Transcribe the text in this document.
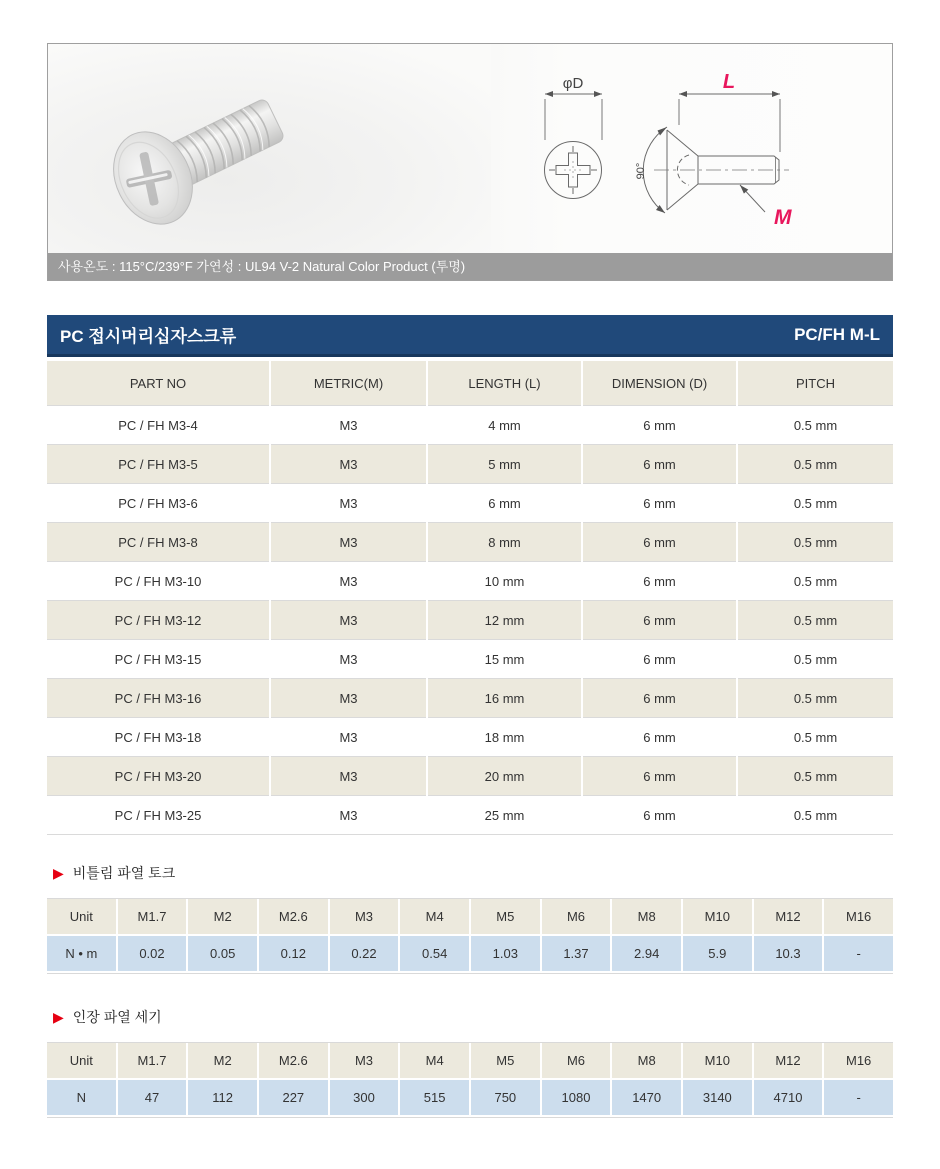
φD	L
90°
M
사용온도 : 115°C/239°F 가연성 : UL94 V-2 Natural Color Product (투명)
PC 접시머리십자스크류	PC/FH M-L
PART NO	METRIC(M)	LENGTH (L)	DIMENSION (D)	PITCH
PC / FH M3-4	M3	4 mm	6 mm	0.5 mm
PC / FH M3-5	M3	5 mm	6 mm	0.5 mm
PC / FH M3-6	M3	6 mm	6 mm	0.5 mm
PC / FH M3-8	M3	8 mm	6 mm	0.5 mm
PC / FH M3-10	M3	10 mm	6 mm	0.5 mm
PC / FH M3-12	M3	12 mm	6 mm	0.5 mm
PC / FH M3-15	M3	15 mm	6 mm	0.5 mm
PC / FH M3-16	M3	16 mm	6 mm	0.5 mm
PC / FH M3-18	M3	18 mm	6 mm	0.5 mm
PC / FH M3-20	M3	20 mm	6 mm	0.5 mm
PC / FH M3-25	M3	25 mm	6 mm	0.5 mm
▶ 비틀림 파열 토크
Unit	M1.7	M2	M2.6	M3	M4	M5	M6	M8	M10	M12	M16
N • m	0.02	0.05	0.12	0.22	0.54	1.03	1.37	2.94	5.9	10.3	-
▶ 인장 파열 세기
Unit	M1.7	M2	M2.6	M3	M4	M5	M6	M8	M10	M12	M16
N	47	112	227	300	515	750	1080	1470	3140	4710	-
